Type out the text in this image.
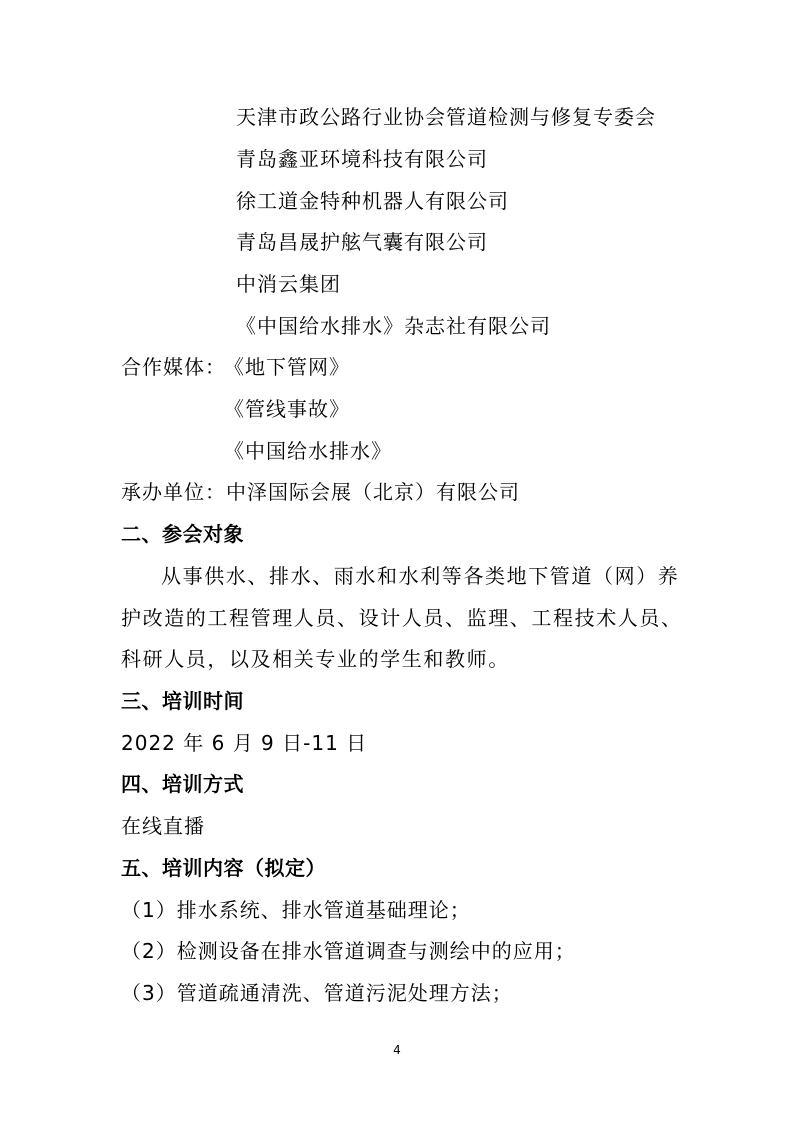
天津市政公路行业协会管道检测与修复专委会
青岛鑫亚环境科技有限公司
徐工道金特种机器人有限公司
青岛昌晟护舷气囊有限公司
中消云集团
《中国给水排水》杂志社有限公司
合作媒体：
《地下管网》
《管线事故》
《中国给水排水》
承办单位：中泽国际会展（北京）有限公司
二、参会对象
从事供水、排水、雨水和水利等各类地下管道（网）养
护改造的工程管理人员、设计人员、监理、工程技术人员、
科研人员，以及相关专业的学生和教师。
三、培训时间
2022 年 6 月 9 日-11 日
四、培训方式
在线直播
五、培训内容（拟定）
（1）排水系统、排水管道基础理论；
（2）检测设备在排水管道调查与测绘中的应用；
（3）管道疏通清洗、管道污泥处理方法；
4
